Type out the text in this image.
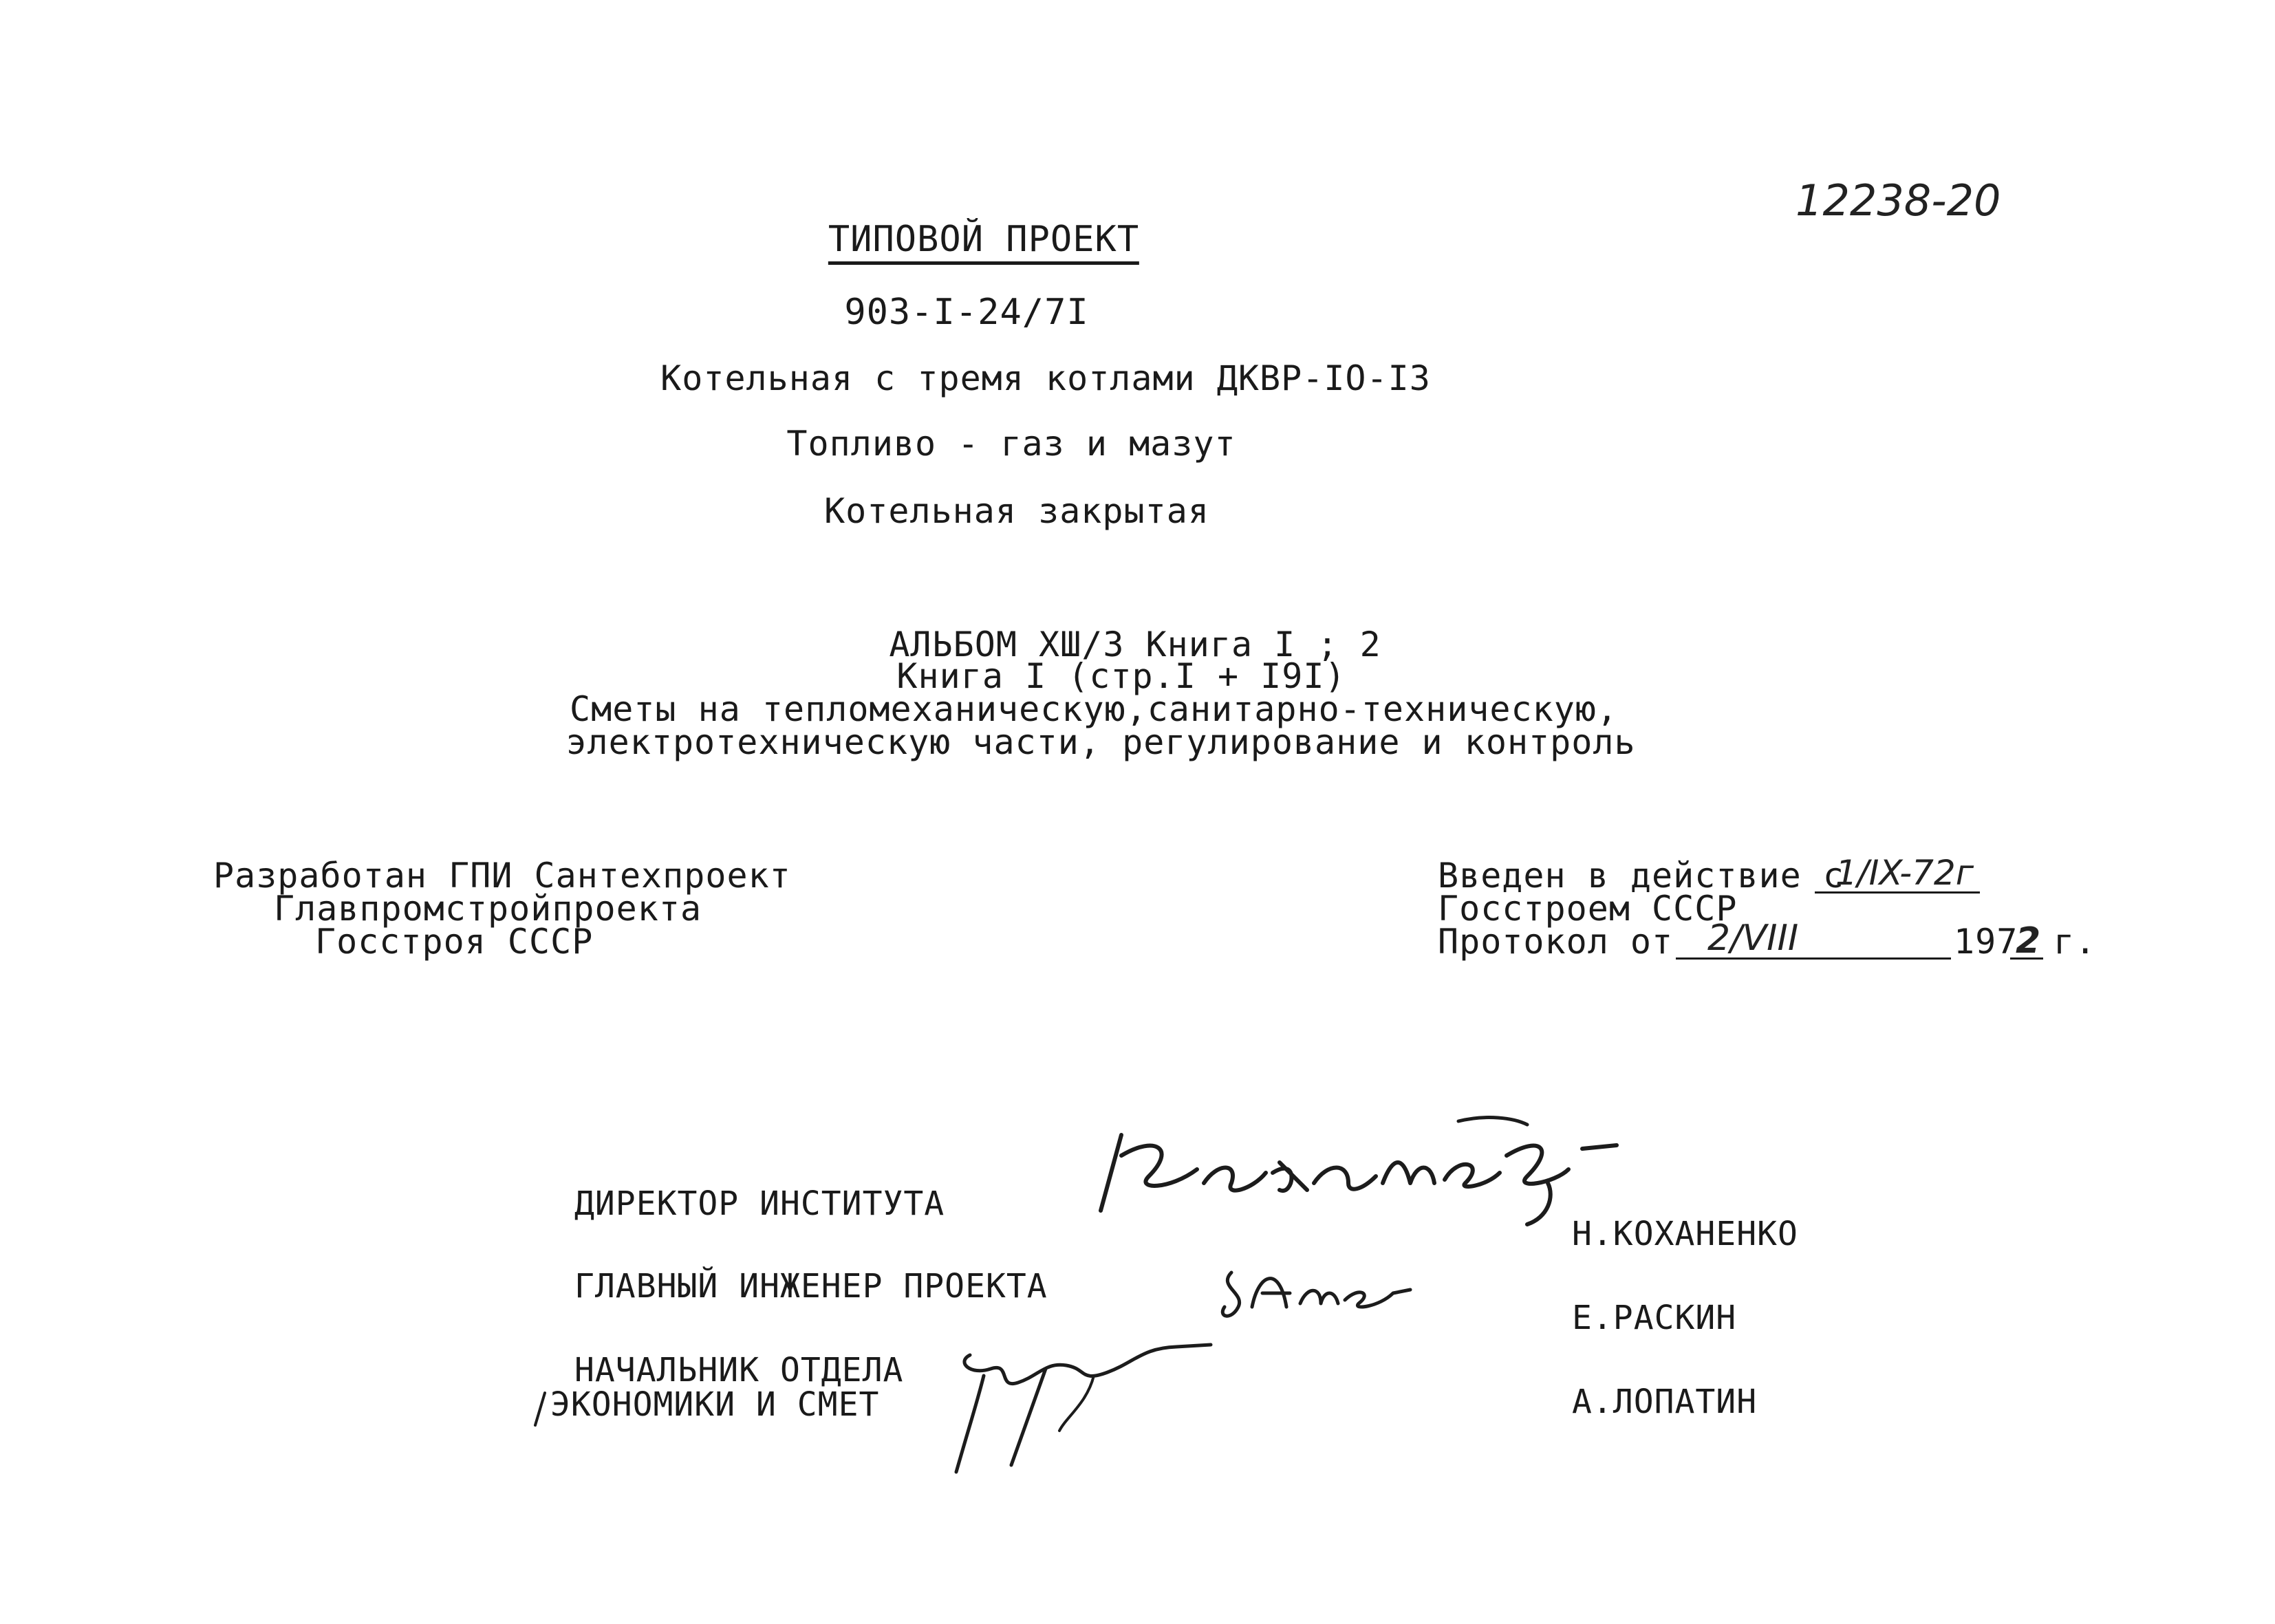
12238-20
ТИПОВОЙ ПРОЕКТ
903-I-24/7I
Котельная с тремя котлами ДКВР-IO-I3
Топливо - газ и мазут
Котельная закрытая
АЛЬБОМ ХШ/3 Книга I ; 2
Книга I (стр.I + I9I)
Сметы на тепломеханическую,санитарно-техническую,
электротехническую части, регулирование и контроль
Разработан ГПИ Сантехпроект
Главпромстройпроекта
Госстроя СССР
Введен в действие с
1/IX-72г
Госстроем СССР
Протокол от 2/VIII	197
2 г.
ДИРЕКТОР ИНСТИТУТА
Н.КОХАНЕНКО
ГЛАВНЫЙ ИНЖЕНЕР ПРОЕКТА
Е.РАСКИН
НАЧАЛЬНИК ОТДЕЛА
ЭКОНОМИКИ И СМЕТ	А.ЛОПАТИН
